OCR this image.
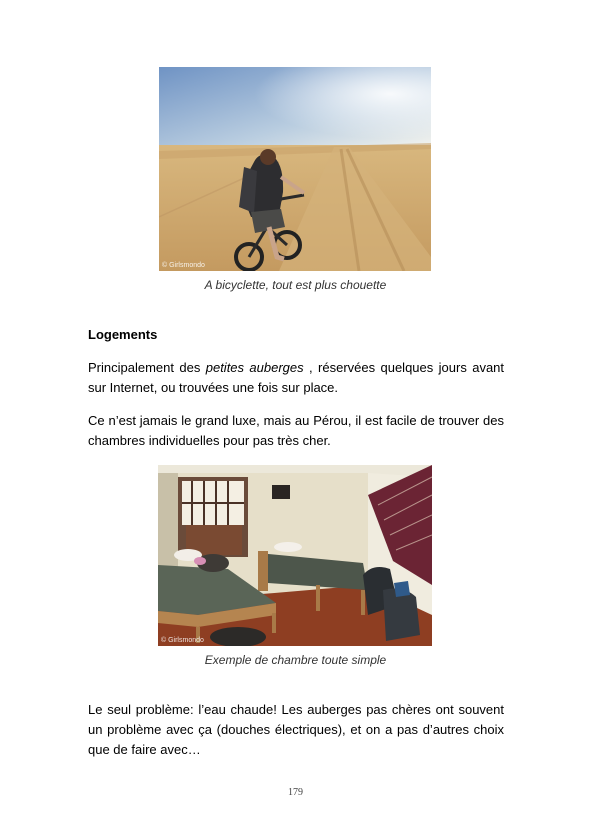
© Girlsmondo
A bicyclette, tout est plus chouette
Logements

Principalement des petites auberges , réservées quelques jours avant sur Internet, ou trouvées une fois sur place.

Ce n’est jamais le grand luxe, mais au Pérou, il est facile de trouver des chambres individuelles pour pas très cher.

© Girlsmondo
Exemple de chambre toute simple

Le seul problème: l’eau chaude! Les auberges pas chères ont souvent un problème avec ça (douches électriques), et on a pas d’autres choix que de faire avec…

179
